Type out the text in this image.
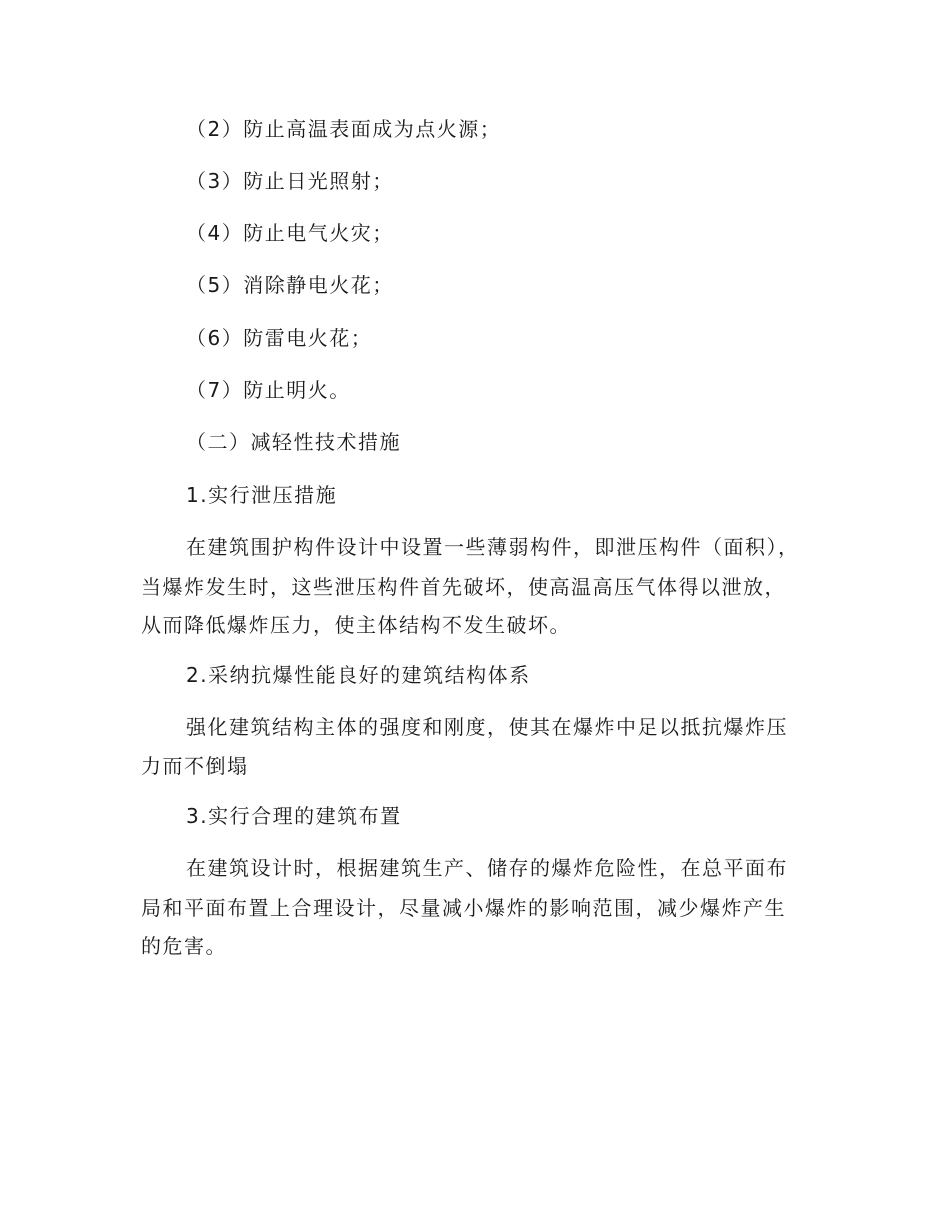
（2）防止高温表面成为点火源；
（3）防止日光照射；
（4）防止电气火灾；
（5）消除静电火花；
（6）防雷电火花；
（7）防止明火。
（二）减轻性技术措施
1.实行泄压措施
在建筑围护构件设计中设置一些薄弱构件，即泄压构件（面积），
当爆炸发生时，这些泄压构件首先破坏，使高温高压气体得以泄放，
从而降低爆炸压力，使主体结构不发生破坏。
2.采纳抗爆性能良好的建筑结构体系
强化建筑结构主体的强度和刚度，使其在爆炸中足以抵抗爆炸压
力而不倒塌
3.实行合理的建筑布置
在建筑设计时，根据建筑生产、储存的爆炸危险性，在总平面布
局和平面布置上合理设计，尽量减小爆炸的影响范围，减少爆炸产生
的危害。
